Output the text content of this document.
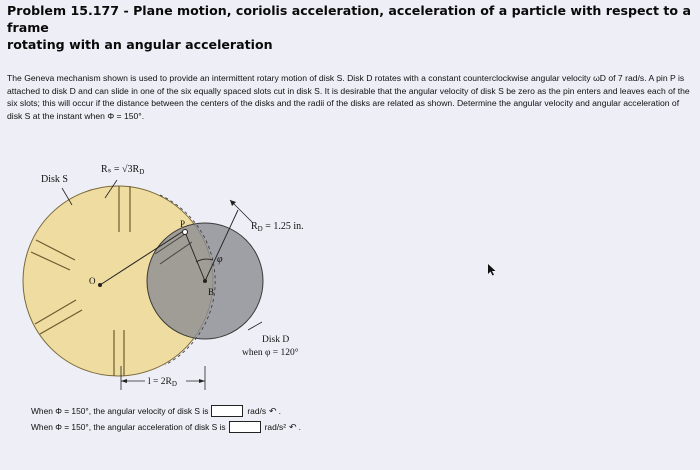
Problem 15.177 - Plane motion, coriolis acceleration, acceleration of a particle with respect to a frame
rotating with an angular acceleration
The Geneva mechanism shown is used to provide an intermittent rotary motion of disk S. Disk D rotates with a constant counterclockwise angular velocity ωD of 7 rad/s. A pin P is attached to disk D and can slide in one of the six equally spaced slots cut in disk S. It is desirable that the angular velocity of disk S be zero as the pin enters and leaves each of the six slots; this will occur if the distance between the centers of the disks and the radii of the disks are related as shown. Determine the angular velocity and angular acceleration of disk S at the instant when Φ = 150°.
Disk S
$R_s = √3R_D$
P	$R_D = 1.25$ in.
O
B
φ
Disk D
when φ = 120°
$l = 2R_D$
When Φ = 150°, the angular velocity of disk S is	rad/s ↶ .
When Φ = 150°, the angular acceleration of disk S is	rad/s² ↶ .
